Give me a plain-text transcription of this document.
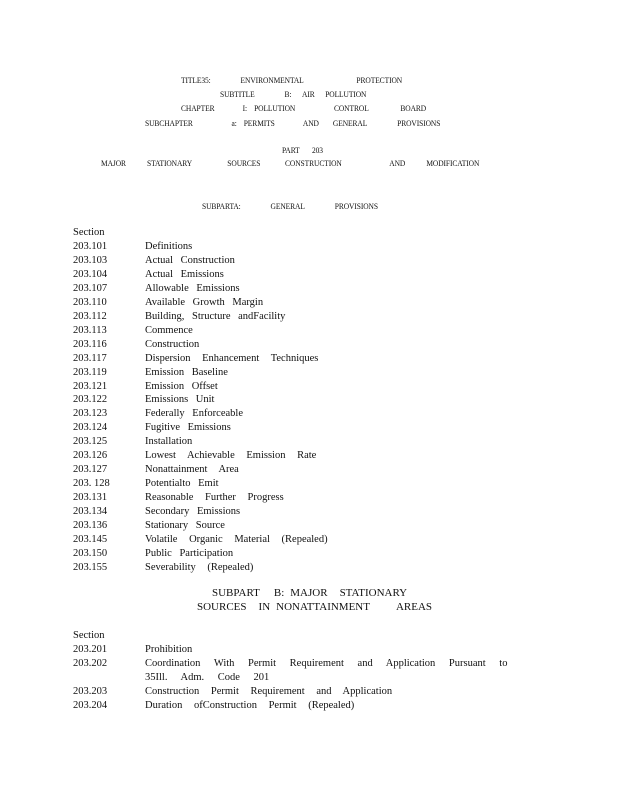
TITLE35:	ENVIRONMENTAL	PROTECTION
SUBTITLE	B: AIR POLLUTION
CHAPTER	I: POLLUTION	CONTROL	BOARD
SUBCHAPTER	a: PERMITS	AND GENERAL	PROVISIONS
PART 203
MAJOR STATIONARY	SOURCES	CONSTRUCTION	AND MODIFICATION
SUBPARTA:	GENERAL	PROVISIONS
Section
203.101	Definitions
203.103	Actual Construction
203.104	Actual Emissions
203.107	Allowable Emissions
203.110	Available Growth Margin
203.112	Building, Structure andFacility
203.113	Commence
203.116	Construction
203.117	Dispersion Enhancement Techniques
203.119	Emission Baseline
203.121	Emission Offset
203.122	Emissions Unit
203.123	Federally Enforceable
203.124	Fugitive Emissions
203.125	Installation
203.126	Lowest Achievable Emission Rate
203.127	Nonattainment Area
203. 128	Potentialto Emit
203.131	Reasonable Further Progress
203.134	Secondary Emissions
203.136	Stationary Source
203.145	Volatile Organic Material (Repealed)
203.150	Public Participation
203.155	Severability (Repealed)
SUBPART B: MAJOR STATIONARY
SOURCES IN NONATTAINMENT AREAS
Section
203.201	Prohibition
203.202	Coordination With Permit Requirement and Application Pursuant to 35Ill. Adm. Code 201
203.203	Construction Permit Requirement and Application
203.204	Duration ofConstruction Permit (Repealed)
